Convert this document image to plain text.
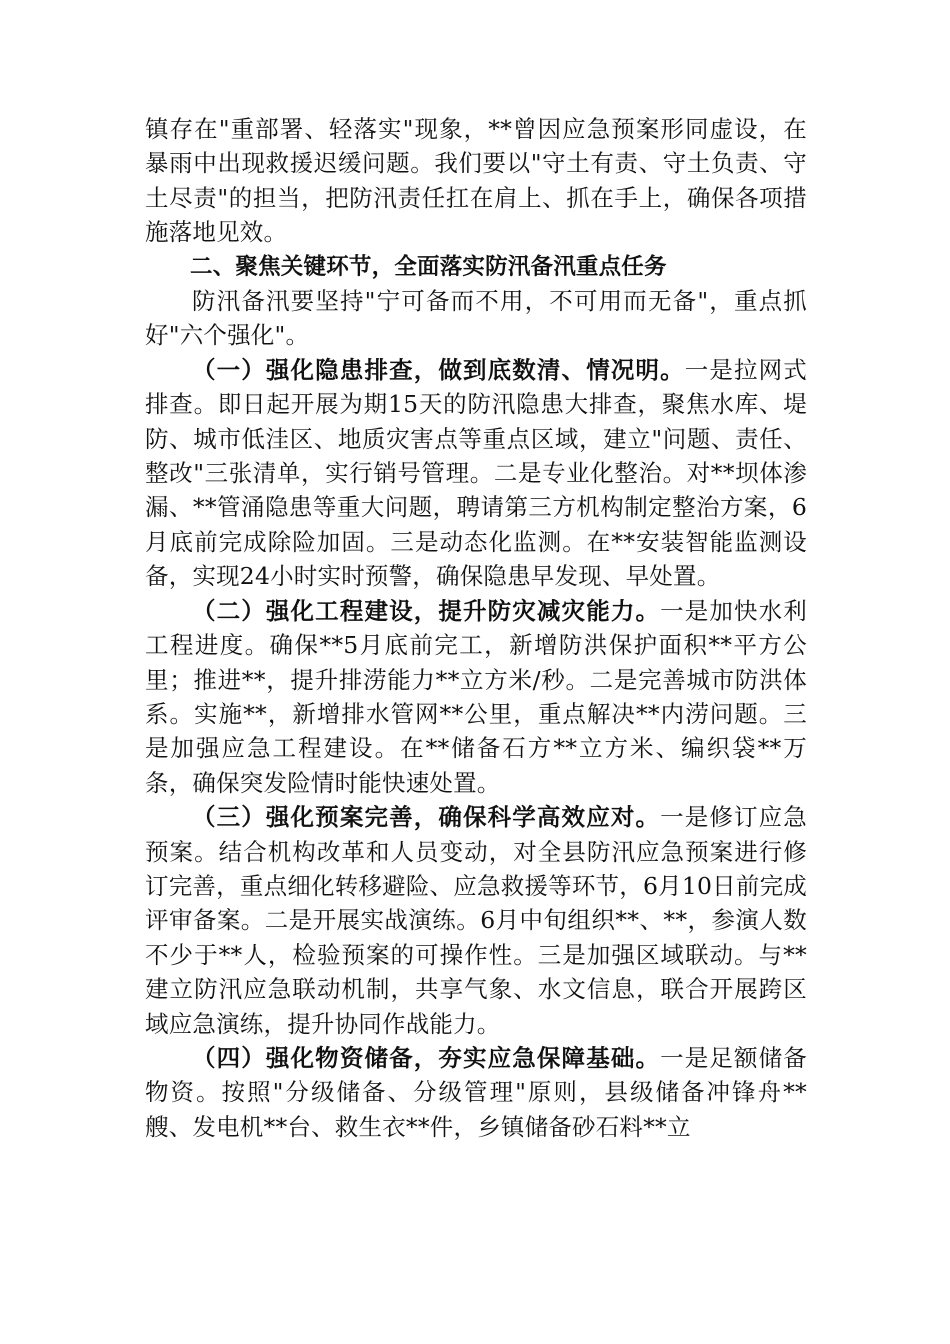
镇存在"重部署、轻落实"现象，**曾因应急预案形同虚设，在暴雨中出现救援迟缓问题。我们要以"守土有责、守土负责、守土尽责"的担当，把防汛责任扛在肩上、抓在手上，确保各项措施落地见效。

二、聚焦关键环节，全面落实防汛备汛重点任务

防汛备汛要坚持"宁可备而不用，不可用而无备"，重点抓好"六个强化"。

（一）强化隐患排查，做到底数清、情况明。一是拉网式排查。即日起开展为期15天的防汛隐患大排查，聚焦水库、堤防、城市低洼区、地质灾害点等重点区域，建立"问题、责任、整改"三张清单，实行销号管理。二是专业化整治。对**坝体渗漏、**管涌隐患等重大问题，聘请第三方机构制定整治方案，6月底前完成除险加固。三是动态化监测。在**安装智能监测设备，实现24小时实时预警，确保隐患早发现、早处置。

（二）强化工程建设，提升防灾减灾能力。一是加快水利工程进度。确保**5月底前完工，新增防洪保护面积**平方公里；推进**，提升排涝能力**立方米/秒。二是完善城市防洪体系。实施**，新增排水管网**公里，重点解决**内涝问题。三是加强应急工程建设。在**储备石方**立方米、编织袋**万条，确保突发险情时能快速处置。

（三）强化预案完善，确保科学高效应对。一是修订应急预案。结合机构改革和人员变动，对全县防汛应急预案进行修订完善，重点细化转移避险、应急救援等环节，6月10日前完成评审备案。二是开展实战演练。6月中旬组织**、**，参演人数不少于**人，检验预案的可操作性。三是加强区域联动。与**建立防汛应急联动机制，共享气象、水文信息，联合开展跨区域应急演练，提升协同作战能力。

（四）强化物资储备，夯实应急保障基础。一是足额储备物资。按照"分级储备、分级管理"原则，县级储备冲锋舟**艘、发电机**台、救生衣**件，乡镇储备砂石料**立
